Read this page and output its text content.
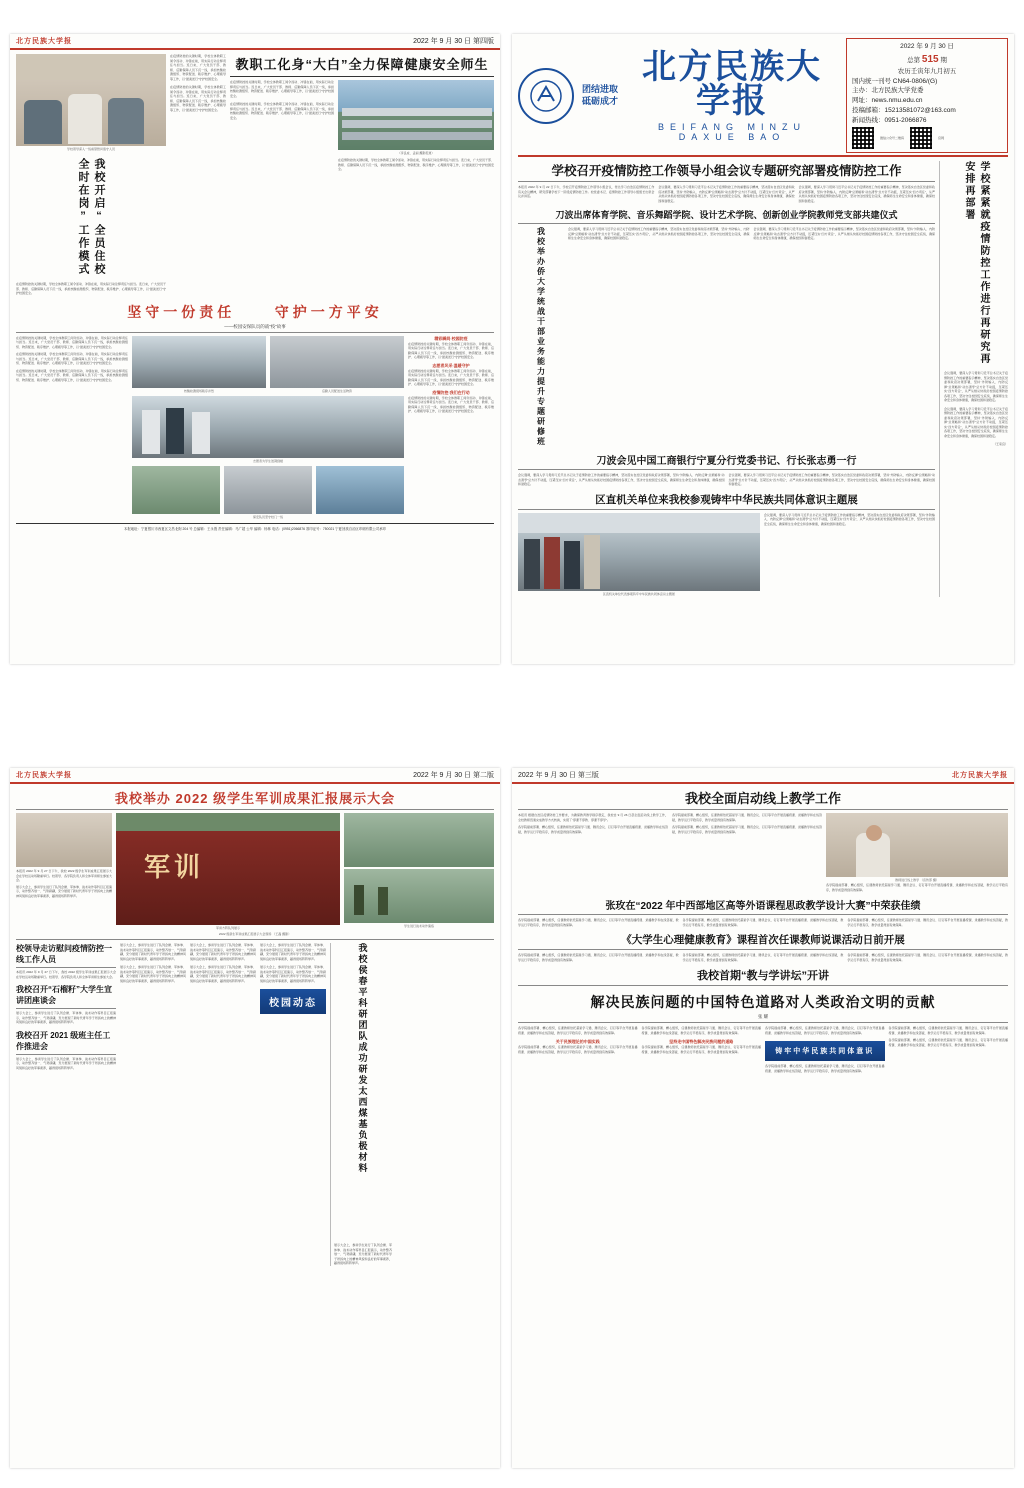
北方民族大学报	2022 年 9 月 30 日 第四版
学校领导深入一线看望慰问值守人员
我校开启“全员住校 全时在岗”工作模式
在疫情防控的关键时期，学校全体教职工闻令而动、冲锋在前，用实际行动诠释责任与担当。连日来，广大党员干部、教师、后勤保障人员下沉一线，承担核酸检测组织、物资配送、秩序维护、心理疏导等工作，以“最美逆行”守护校园安全。
在疫情防控的关键时期，学校全体教职工闻令而动、冲锋在前，用实际行动诠释责任与担当。连日来，广大党员干部、教师、后勤保障人员下沉一线，承担核酸检测组织、物资配送、秩序维护、心理疏导等工作，以“最美逆行”守护校园安全。
在疫情防控的关键时期，学校全体教职工闻令而动、冲锋在前，用实际行动诠释责任与担当。连日来，广大党员干部、教师、后勤保障人员下沉一线，承担核酸检测组织、物资配送、秩序维护、心理疏导等工作，以“最美逆行”守护校园安全。
教职工化身“大白”全力保障健康安全师生
在疫情防控的关键时期，学校全体教职工闻令而动、冲锋在前，用实际行动诠释责任与担当。连日来，广大党员干部、教师、后勤保障人员下沉一线，承担核酸检测组织、物资配送、秩序维护、心理疏导等工作，以“最美逆行”守护校园安全。
在疫情防控的关键时期，学校全体教职工闻令而动、冲锋在前，用实际行动诠释责任与担当。连日来，广大党员干部、教师、后勤保障人员下沉一线，承担核酸检测组织、物资配送、秩序维护、心理疏导等工作，以“最美逆行”守护校园安全。
（李良成、孟丽 摄影报道）
在疫情防控的关键时期，学校全体教职工闻令而动、冲锋在前，用实际行动诠释责任与担当。连日来，广大党员干部、教师、后勤保障人员下沉一线，承担核酸检测组织、物资配送、秩序维护、心理疏导等工作，以“最美逆行”守护校园安全。
坚守一份责任	守护一方平安
——校园安保队员的战“疫”故事
在疫情防控的关键时期，学校全体教职工闻令而动、冲锋在前，用实际行动诠释责任与担当。连日来，广大党员干部、教师、后勤保障人员下沉一线，承担核酸检测组织、物资配送、秩序维护、心理疏导等工作，以“最美逆行”守护校园安全。
在疫情防控的关键时期，学校全体教职工闻令而动、冲锋在前，用实际行动诠释责任与担当。连日来，广大党员干部、教师、后勤保障人员下沉一线，承担核酸检测组织、物资配送、秩序维护、心理疏导等工作，以“最美逆行”守护校园安全。
在疫情防控的关键时期，学校全体教职工闻令而动、冲锋在前，用实际行动诠释责任与担当。连日来，广大党员干部、教师、后勤保障人员下沉一线，承担核酸检测组织、物资配送、秩序维护、心理疏导等工作，以“最美逆行”守护校园安全。
核酸检测现场秩序井然	后勤人员配送生活物资
志愿者为学生送餐到楼
保安队员坚守校门一线
精彩瞬间·校园防疫
在疫情防控的关键时期，学校全体教职工闻令而动、冲锋在前，用实际行动诠释责任与担当。连日来，广大党员干部、教师、后勤保障人员下沉一线，承担核酸检测组织、物资配送、秩序维护、心理疏导等工作，以“最美逆行”守护校园安全。
志愿者风采·温暖守护
在疫情防控的关键时期，学校全体教职工闻令而动、冲锋在前，用实际行动诠释责任与担当。连日来，广大党员干部、教师、后勤保障人员下沉一线，承担核酸检测组织、物资配送、秩序维护、心理疏导等工作，以“最美逆行”守护校园安全。
疫情防控·我们在行动
在疫情防控的关键时期，学校全体教职工闻令而动、冲锋在前，用实际行动诠释责任与担当。连日来，广大党员干部、教师、后勤保障人员下沉一线，承担核酸检测组织、物资配送、秩序维护、心理疏导等工作，以“最美逆行”守护校园安全。
本报地址：宁夏银川市西夏区文昌北街 204 号 总编辑：王永胜 责任编辑：马广超 公华 编辑：杨林 电话：(0951)2066876 准印证号：750021 宁夏回族自治区印刷有限公司承印
团结进取
砥砺成才
北方民族大学报
BEIFANG MINZU DAXUE BAO
2022 年 9 月 30 日
总第 515 期
农历壬寅年九月初五
国内统一刊号 CN64-0806/(G)
主办：北方民族大学党委
网址：news.nmu.edu.cn
投稿邮箱：15213581072@163.com
新闻热线：0951-2066876
微信公众号二维码	官网
学校召开疫情防控工作领导小组会议专题研究部署疫情防控工作
本报讯 2022 年 9 月 22 日下午，学校召开疫情防控工作领导小组会议，传达学习自治区疫情防控工作有关会议精神，研究部署学校下一阶段疫情防控工作。校党委书记、疫情防控工作领导小组组长出席会议并讲话。
会议强调，要深入学习贯彻习近平总书记关于疫情防控工作的重要指示精神，坚决落实自治区党委和政府决策部署，坚持“外防输入、内防反弹”总策略和“动态清零”总方针不动摇，压紧压实“四方责任”，从严从细从快抓好校园疫情防控各项工作，坚决守住校园安全底线，确保师生生命安全和身体健康，确保校园和谐稳定。
会议强调，要深入学习贯彻习近平总书记关于疫情防控工作的重要指示精神，坚决落实自治区党委和政府决策部署，坚持“外防输入、内防反弹”总策略和“动态清零”总方针不动摇，压紧压实“四方责任”，从严从细从快抓好校园疫情防控各项工作，坚决守住校园安全底线，确保师生生命安全和身体健康，确保校园和谐稳定。
刀波出席体育学院、音乐舞蹈学院、设计艺术学院、创新创业学院教师党支部共建仪式
我校举办侨大学统战干部业务能力提升专题研修班	会议强调，要深入学习贯彻习近平总书记关于疫情防控工作的重要指示精神，坚决落实自治区党委和政府决策部署，坚持“外防输入、内防反弹”总策略和“动态清零”总方针不动摇，压紧压实“四方责任”，从严从细从快抓好校园疫情防控各项工作，坚决守住校园安全底线，确保师生生命安全和身体健康，确保校园和谐稳定。
会议强调，要深入学习贯彻习近平总书记关于疫情防控工作的重要指示精神，坚决落实自治区党委和政府决策部署，坚持“外防输入、内防反弹”总策略和“动态清零”总方针不动摇，压紧压实“四方责任”，从严从细从快抓好校园疫情防控各项工作，坚决守住校园安全底线，确保师生生命安全和身体健康，确保校园和谐稳定。
刀波会见中国工商银行宁夏分行党委书记、行长张志勇一行
会议强调，要深入学习贯彻习近平总书记关于疫情防控工作的重要指示精神，坚决落实自治区党委和政府决策部署，坚持“外防输入、内防反弹”总策略和“动态清零”总方针不动摇，压紧压实“四方责任”，从严从细从快抓好校园疫情防控各项工作，坚决守住校园安全底线，确保师生生命安全和身体健康，确保校园和谐稳定。
会议强调，要深入学习贯彻习近平总书记关于疫情防控工作的重要指示精神，坚决落实自治区党委和政府决策部署，坚持“外防输入、内防反弹”总策略和“动态清零”总方针不动摇，压紧压实“四方责任”，从严从细从快抓好校园疫情防控各项工作，坚决守住校园安全底线，确保师生生命安全和身体健康，确保校园和谐稳定。
区直机关单位来我校参观铸牢中华民族共同体意识主题展
区直机关单位代表参观铸牢中华民族共同体意识主题展
会议强调，要深入学习贯彻习近平总书记关于疫情防控工作的重要指示精神，坚决落实自治区党委和政府决策部署，坚持“外防输入、内防反弹”总策略和“动态清零”总方针不动摇，压紧压实“四方责任”，从严从细从快抓好校园疫情防控各项工作，坚决守住校园安全底线，确保师生生命安全和身体健康，确保校园和谐稳定。
学校紧紧就疫情防控工作进行再研究再安排再部署
会议强调，要深入学习贯彻习近平总书记关于疫情防控工作的重要指示精神，坚决落实自治区党委和政府决策部署，坚持“外防输入、内防反弹”总策略和“动态清零”总方针不动摇，压紧压实“四方责任”，从严从细从快抓好校园疫情防控各项工作，坚决守住校园安全底线，确保师生生命安全和身体健康，确保校园和谐稳定。
会议强调，要深入学习贯彻习近平总书记关于疫情防控工作的重要指示精神，坚决落实自治区党委和政府决策部署，坚持“外防输入、内防反弹”总策略和“动态清零”总方针不动摇，压紧压实“四方责任”，从严从细从快抓好校园疫情防控各项工作，坚决守住校园安全底线，确保师生生命安全和身体健康，确保校园和谐稳定。
（王家宜）
北方民族大学报	2022 年 9 月 30 日 第二版
我校举办 2022 级学生军训成果汇报展示大会
本报讯 2022 年 9 月 27 日下午，我校 2022 级学生军训成果汇报展示大会在学校运动场隆重举行。校领导、各学院负责人和全体军训师生参加大会。
展示大会上，参训学生进行了队列会操、军体拳、战术动作等科目汇报演示，动作整齐划一、气势磅礴，充分展现了新时代青年学子昂扬向上的精神风貌和良好的军事素养，赢得现场阵阵掌声。
军训
军训方阵队列展示	学生进行战术动作演练
2022 级新生军训成果汇报展示大会现场 （王磊 摄影）
校领导走访慰问疫情防控一线工作人员
本报讯 2022 年 9 月 27 日下午，我校 2022 级学生军训成果汇报展示大会在学校运动场隆重举行。校领导、各学院负责人和全体军训师生参加大会。
我校召开“石榴籽”大学生宣讲团座谈会
展示大会上，参训学生进行了队列会操、军体拳、战术动作等科目汇报演示，动作整齐划一、气势磅礴，充分展现了新时代青年学子昂扬向上的精神风貌和良好的军事素养，赢得现场阵阵掌声。
我校召开 2021 级班主任工作推进会
展示大会上，参训学生进行了队列会操、军体拳、战术动作等科目汇报演示，动作整齐划一、气势磅礴，充分展现了新时代青年学子昂扬向上的精神风貌和良好的军事素养，赢得现场阵阵掌声。
展示大会上，参训学生进行了队列会操、军体拳、战术动作等科目汇报演示，动作整齐划一、气势磅礴，充分展现了新时代青年学子昂扬向上的精神风貌和良好的军事素养，赢得现场阵阵掌声。
展示大会上，参训学生进行了队列会操、军体拳、战术动作等科目汇报演示，动作整齐划一、气势磅礴，充分展现了新时代青年学子昂扬向上的精神风貌和良好的军事素养，赢得现场阵阵掌声。
展示大会上，参训学生进行了队列会操、军体拳、战术动作等科目汇报演示，动作整齐划一、气势磅礴，充分展现了新时代青年学子昂扬向上的精神风貌和良好的军事素养，赢得现场阵阵掌声。
展示大会上，参训学生进行了队列会操、军体拳、战术动作等科目汇报演示，动作整齐划一、气势磅礴，充分展现了新时代青年学子昂扬向上的精神风貌和良好的军事素养，赢得现场阵阵掌声。
展示大会上，参训学生进行了队列会操、军体拳、战术动作等科目汇报演示，动作整齐划一、气势磅礴，充分展现了新时代青年学子昂扬向上的精神风貌和良好的军事素养，赢得现场阵阵掌声。
展示大会上，参训学生进行了队列会操、军体拳、战术动作等科目汇报演示，动作整齐划一、气势磅礴，充分展现了新时代青年学子昂扬向上的精神风貌和良好的军事素养，赢得现场阵阵掌声。
校园动态	我校侯春平科研团队成功研发太西煤基负极材料
展示大会上，参训学生进行了队列会操、军体拳、战术动作等科目汇报演示，动作整齐划一、气势磅礴，充分展现了新时代青年学子昂扬向上的精神风貌和良好的军事素养，赢得现场阵阵掌声。
2022 年 9 月 30 日 第三版	北方民族大学报
我校全面启动线上教学工作
本报讯 根据自治区疫情防控工作要求，为确保教育教学秩序稳定，我校自 9 月 26 日起全面启动线上教学工作，全校教师迅速完成教学方式转换，实现了“停课不停教、停课不停学”。
各学院提前部署、精心组织，任课教师依托超星学习通、腾讯会议、钉钉等平台开展直播授课、录播教学和在线答疑，教学运行平稳有序，教学质量得到有效保障。
各学院提前部署、精心组织，任课教师依托超星学习通、腾讯会议、钉钉等平台开展直播授课、录播教学和在线答疑，教学运行平稳有序，教学质量得到有效保障。
各学院提前部署、精心组织，任课教师依托超星学习通、腾讯会议、钉钉等平台开展直播授课、录播教学和在线答疑，教学运行平稳有序，教学质量得到有效保障。
教师进行线上教学 （宣传部 摄）
各学院提前部署、精心组织，任课教师依托超星学习通、腾讯会议、钉钉等平台开展直播授课、录播教学和在线答疑，教学运行平稳有序，教学质量得到有效保障。
张玫在“2022 年中西部地区高等外语课程思政教学设计大赛”中荣获佳绩
各学院提前部署、精心组织，任课教师依托超星学习通、腾讯会议、钉钉等平台开展直播授课、录播教学和在线答疑，教学运行平稳有序，教学质量得到有效保障。
各学院提前部署、精心组织，任课教师依托超星学习通、腾讯会议、钉钉等平台开展直播授课、录播教学和在线答疑，教学运行平稳有序，教学质量得到有效保障。
各学院提前部署、精心组织，任课教师依托超星学习通、腾讯会议、钉钉等平台开展直播授课、录播教学和在线答疑，教学运行平稳有序，教学质量得到有效保障。
《大学生心理健康教育》课程首次任课教师说课活动日前开展
各学院提前部署、精心组织，任课教师依托超星学习通、腾讯会议、钉钉等平台开展直播授课、录播教学和在线答疑，教学运行平稳有序，教学质量得到有效保障。
各学院提前部署、精心组织，任课教师依托超星学习通、腾讯会议、钉钉等平台开展直播授课、录播教学和在线答疑，教学运行平稳有序，教学质量得到有效保障。
各学院提前部署、精心组织，任课教师依托超星学习通、腾讯会议、钉钉等平台开展直播授课、录播教学和在线答疑，教学运行平稳有序，教学质量得到有效保障。
我校首期“教与学讲坛”开讲
解决民族问题的中国特色道路对人类政治文明的贡献
张 耀
各学院提前部署、精心组织，任课教师依托超星学习通、腾讯会议、钉钉等平台开展直播授课、录播教学和在线答疑，教学运行平稳有序，教学质量得到有效保障。
关于民族理论的中国实践
各学院提前部署、精心组织，任课教师依托超星学习通、腾讯会议、钉钉等平台开展直播授课、录播教学和在线答疑，教学运行平稳有序，教学质量得到有效保障。
各学院提前部署、精心组织，任课教师依托超星学习通、腾讯会议、钉钉等平台开展直播授课、录播教学和在线答疑，教学运行平稳有序，教学质量得到有效保障。
坚持走中国特色解决民族问题的道路
各学院提前部署、精心组织，任课教师依托超星学习通、腾讯会议、钉钉等平台开展直播授课、录播教学和在线答疑，教学运行平稳有序，教学质量得到有效保障。
各学院提前部署、精心组织，任课教师依托超星学习通、腾讯会议、钉钉等平台开展直播授课、录播教学和在线答疑，教学运行平稳有序，教学质量得到有效保障。
铸牢中华民族共同体意识
各学院提前部署、精心组织，任课教师依托超星学习通、腾讯会议、钉钉等平台开展直播授课、录播教学和在线答疑，教学运行平稳有序，教学质量得到有效保障。
各学院提前部署、精心组织，任课教师依托超星学习通、腾讯会议、钉钉等平台开展直播授课、录播教学和在线答疑，教学运行平稳有序，教学质量得到有效保障。
各学院提前部署、精心组织，任课教师依托超星学习通、腾讯会议、钉钉等平台开展直播授课、录播教学和在线答疑，教学运行平稳有序，教学质量得到有效保障。
